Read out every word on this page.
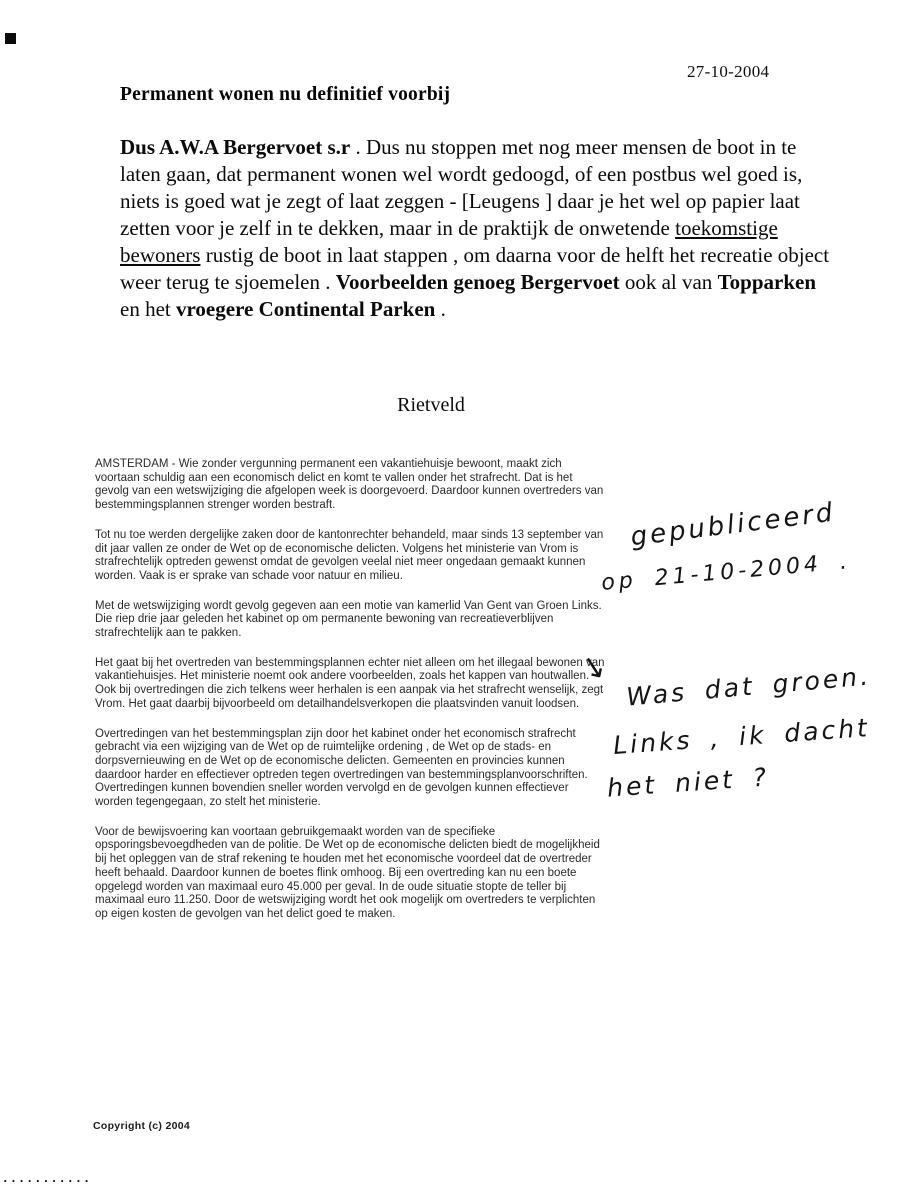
27-10-2004
Permanent wonen nu definitief voorbij

Dus A.W.A Bergervoet s.r . Dus nu stoppen met nog meer mensen de boot in te laten gaan, dat permanent wonen wel wordt gedoogd, of een postbus wel goed is, niets is goed wat je zegt of laat zeggen - [Leugens ] daar je het wel op papier laat zetten voor je zelf in te dekken, maar in de praktijk de onwetende toekomstige bewoners rustig de boot in laat stappen , om daarna voor de helft het recreatie object weer terug te sjoemelen . Voorbeelden genoeg Bergervoet ook al van Topparken en het vroegere Continental Parken .

Rietveld

AMSTERDAM - Wie zonder vergunning permanent een vakantiehuisje bewoont, maakt zich voortaan schuldig aan een economisch delict en komt te vallen onder het strafrecht. Dat is het gevolg van een wetswijziging die afgelopen week is doorgevoerd. Daardoor kunnen overtreders van bestemmingsplannen strenger worden bestraft.

Tot nu toe werden dergelijke zaken door de kantonrechter behandeld, maar sinds 13 september van dit jaar vallen ze onder de Wet op de economische delicten. Volgens het ministerie van Vrom is strafrechtelijk optreden gewenst omdat de gevolgen veelal niet meer ongedaan gemaakt kunnen worden. Vaak is er sprake van schade voor natuur en milieu.

Met de wetswijziging wordt gevolg gegeven aan een motie van kamerlid Van Gent van Groen Links. Die riep drie jaar geleden het kabinet op om permanente bewoning van recreatieverblijven strafrechtelijk aan te pakken.

Het gaat bij het overtreden van bestemmingsplannen echter niet alleen om het illegaal bewonen van vakantiehuisjes. Het ministerie noemt ook andere voorbeelden, zoals het kappen van houtwallen. Ook bij overtredingen die zich telkens weer herhalen is een aanpak via het strafrecht wenselijk, zegt Vrom. Het gaat daarbij bijvoorbeeld om detailhandelsverkopen die plaatsvinden vanuit loodsen.

Overtredingen van het bestemmingsplan zijn door het kabinet onder het economisch strafrecht gebracht via een wijziging van de Wet op de ruimtelijke ordening , de Wet op de stads- en dorpsvernieuwing en de Wet op de economische delicten. Gemeenten en provincies kunnen daardoor harder en effectiever optreden tegen overtredingen van bestemmingsplanvoorschriften. Overtredingen kunnen bovendien sneller worden vervolgd en de gevolgen kunnen effectiever worden tegengegaan, zo stelt het ministerie.

Voor de bewijsvoering kan voortaan gebruikgemaakt worden van de specifieke opsporingsbevoegdheden van de politie. De Wet op de economische delicten biedt de mogelijkheid bij het opleggen van de straf rekening te houden met het economische voordeel dat de overtreder heeft behaald. Daardoor kunnen de boetes flink omhoog. Bij een overtreding kan nu een boete opgelegd worden van maximaal euro 45.000 per geval. In de oude situatie stopte de teller bij maximaal euro 11.250. Door de wetswijziging wordt het ook mogelijk om overtreders te verplichten op eigen kosten de gevolgen van het delict goed te maken.

gepubliceerd
op 21-10-2004 .
↘ Was dat groen.
Links , ik dacht
het niet ?
Copyright (c) 2004
...........
